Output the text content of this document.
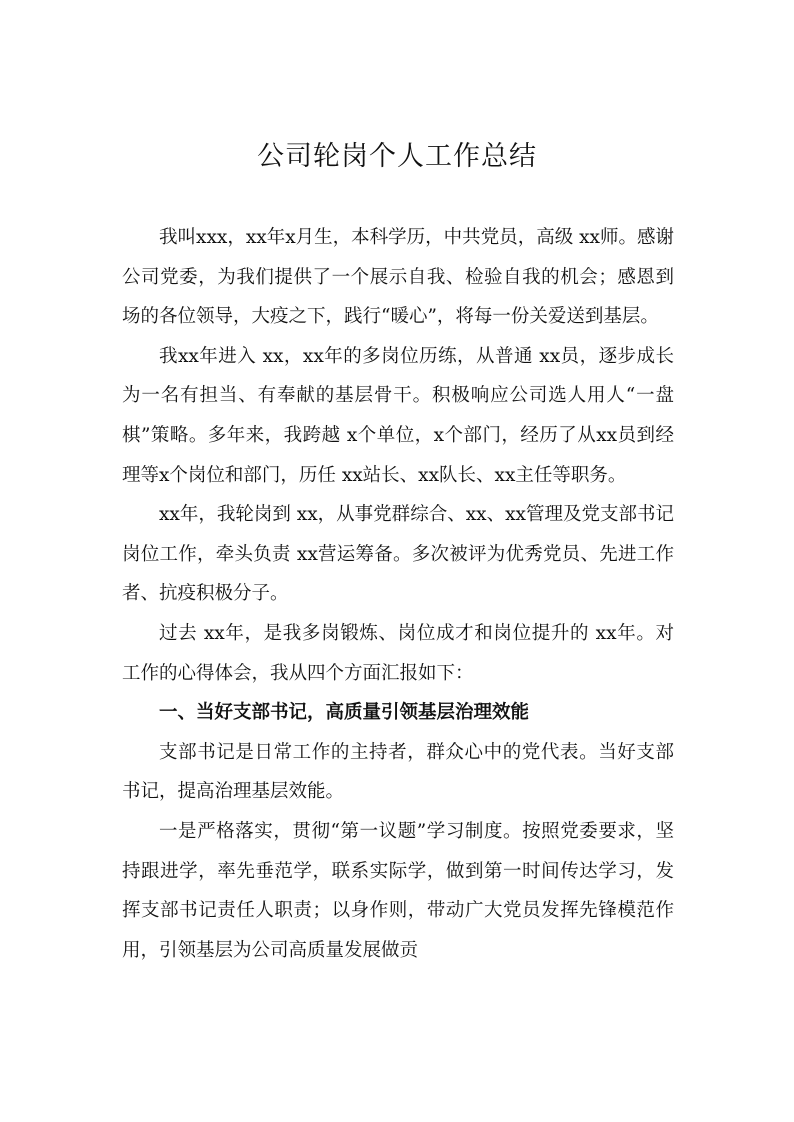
公司轮岗个人工作总结

我叫xxx，xx年x月生，本科学历，中共党员，高级 xx师。感谢公司党委，为我们提供了一个展示自我、检验自我的机会；感恩到场的各位领导，大疫之下，践行“暖心”，将每一份关爱送到基层。

我xx年进入 xx，xx年的多岗位历练，从普通 xx员，逐步成长为一名有担当、有奉献的基层骨干。积极响应公司选人用人“一盘棋”策略。多年来，我跨越 x个单位，x个部门，经历了从xx员到经理等x个岗位和部门，历任 xx站长、xx队长、xx主任等职务。

xx年，我轮岗到 xx，从事党群综合、xx、xx管理及党支部书记岗位工作，牵头负责 xx营运筹备。多次被评为优秀党员、先进工作者、抗疫积极分子。

过去 xx年，是我多岗锻炼、岗位成才和岗位提升的 xx年。对工作的心得体会，我从四个方面汇报如下：

一、当好支部书记，高质量引领基层治理效能

支部书记是日常工作的主持者，群众心中的党代表。当好支部书记，提高治理基层效能。

一是严格落实，贯彻“第一议题”学习制度。按照党委要求，坚持跟进学，率先垂范学，联系实际学，做到第一时间传达学习，发挥支部书记责任人职责；以身作则，带动广大党员发挥先锋模范作用，引领基层为公司高质量发展做贡
